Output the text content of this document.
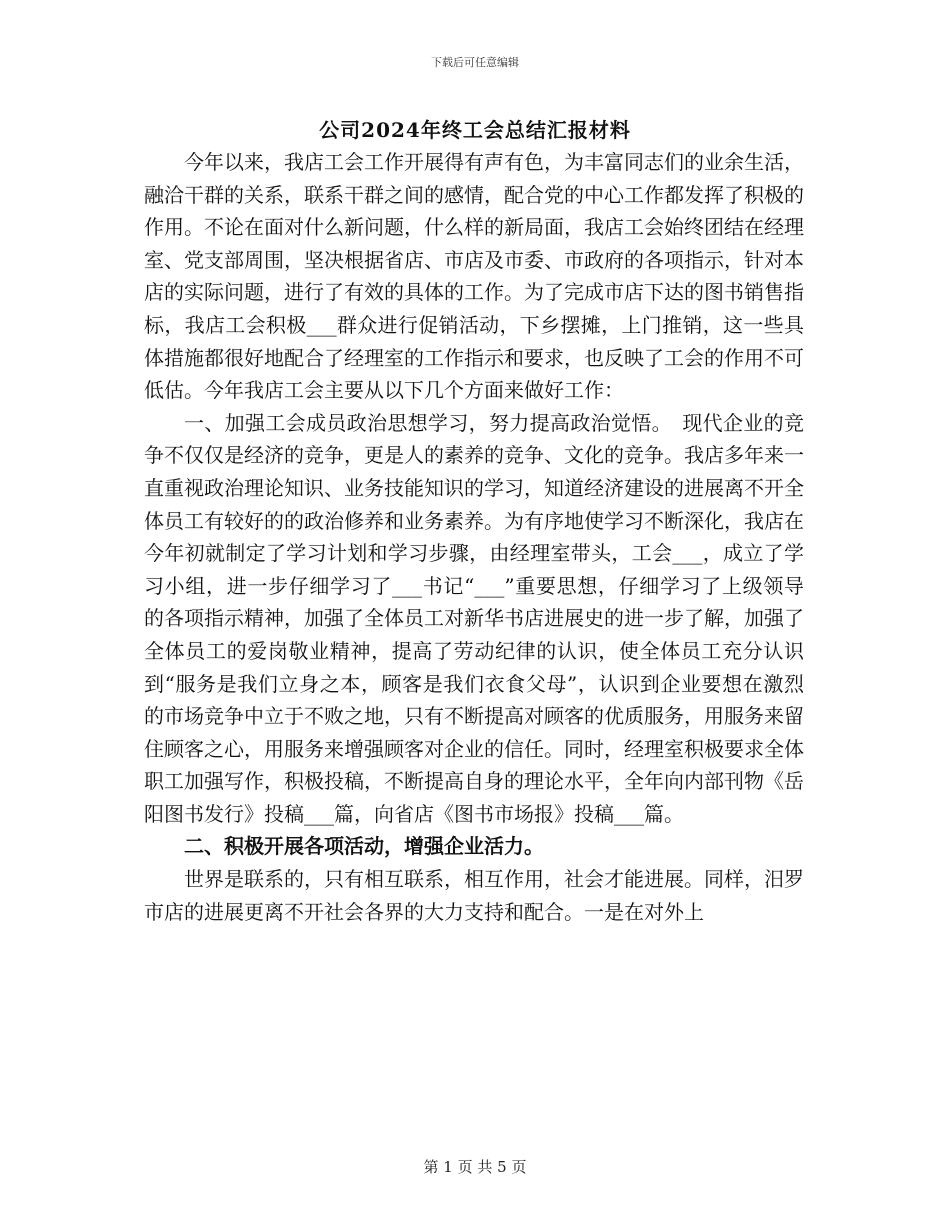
下载后可任意编辑
公司2024年终工会总结汇报材料

今年以来，我店工会工作开展得有声有色，为丰富同志们的业余生活，融洽干群的关系，联系干群之间的感情，配合党的中心工作都发挥了积极的作用。不论在面对什么新问题，什么样的新局面，我店工会始终团结在经理室、党支部周围，坚决根据省店、市店及市委、市政府的各项指示，针对本店的实际问题，进行了有效的具体的工作。为了完成市店下达的图书销售指标，我店工会积极___群众进行促销活动，下乡摆摊，上门推销，这一些具体措施都很好地配合了经理室的工作指示和要求，也反映了工会的作用不可低估。今年我店工会主要从以下几个方面来做好工作：

一、加强工会成员政治思想学习，努力提高政治觉悟。　现代企业的竞争不仅仅是经济的竞争，更是人的素养的竞争、文化的竞争。我店多年来一直重视政治理论知识、业务技能知识的学习，知道经济建设的进展离不开全体员工有较好的的政治修养和业务素养。为有序地使学习不断深化，我店在今年初就制定了学习计划和学习步骤，由经理室带头，工会___，成立了学习小组，进一步仔细学习了___书记“___”重要思想，仔细学习了上级领导的各项指示精神，加强了全体员工对新华书店进展史的进一步了解，加强了全体员工的爱岗敬业精神，提高了劳动纪律的认识，使全体员工充分认识到“服务是我们立身之本，顾客是我们衣食父母”，认识到企业要想在激烈的市场竞争中立于不败之地，只有不断提高对顾客的优质服务，用服务来留住顾客之心，用服务来增强顾客对企业的信任。同时，经理室积极要求全体职工加强写作，积极投稿，不断提高自身的理论水平，全年向内部刊物《岳阳图书发行》投稿___篇，向省店《图书市场报》投稿___篇。

二、积极开展各项活动，增强企业活力。

世界是联系的，只有相互联系，相互作用，社会才能进展。同样，汨罗市店的进展更离不开社会各界的大力支持和配合。一是在对外上

第 1 页 共 5 页
